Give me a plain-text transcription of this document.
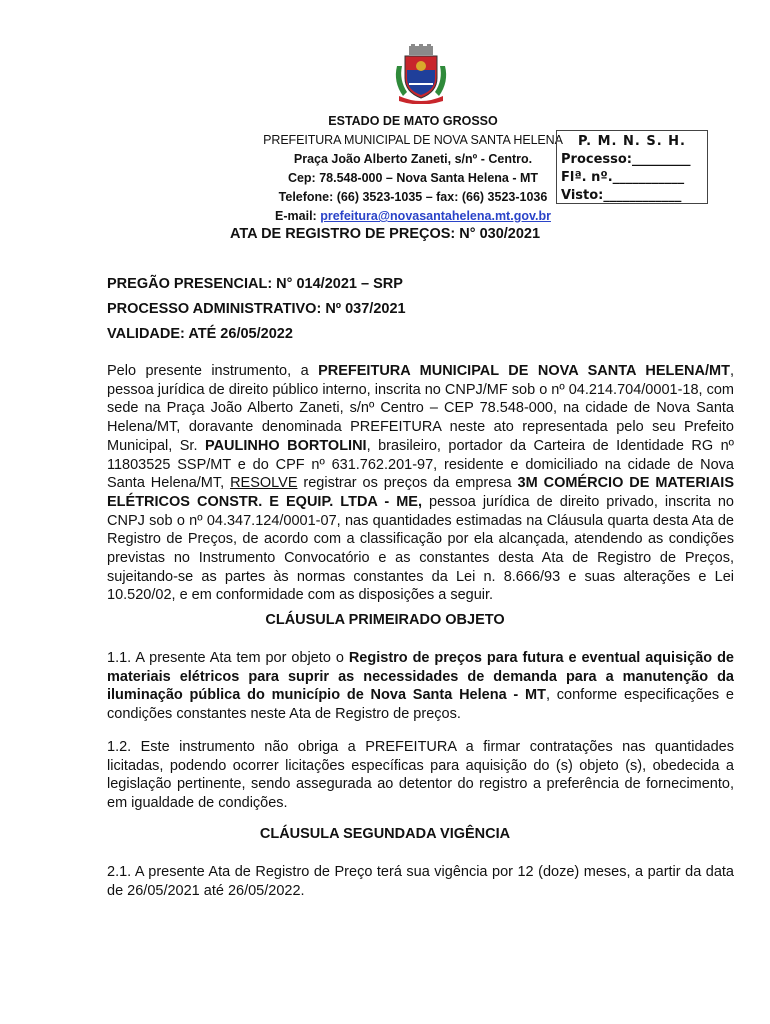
ESTADO DE MATO GROSSO
PREFEITURA MUNICIPAL DE NOVA SANTA HELENA
Praça João Alberto Zaneti, s/nº - Centro.
Cep: 78.548-000 – Nova Santa Helena - MT
Telefone: (66) 3523-1035 – fax: (66) 3523-1036
E-mail: prefeitura@novasantahelena.mt.gov.br
P. M. N. S. H.
Processo:_________
Flª. nº.___________
Visto:____________
ATA DE REGISTRO DE PREÇOS: N° 030/2021
PREGÃO PRESENCIAL: N° 014/2021 – SRP
PROCESSO ADMINISTRATIVO: Nº 037/2021
VALIDADE: ATÉ 26/05/2022
Pelo presente instrumento, a PREFEITURA MUNICIPAL DE NOVA SANTA HELENA/MT, pessoa jurídica de direito público interno, inscrita no CNPJ/MF sob o nº 04.214.704/0001-18, com sede na Praça João Alberto Zaneti, s/nº Centro – CEP 78.548-000, na cidade de Nova Santa Helena/MT, doravante denominada PREFEITURA neste ato representada pelo seu Prefeito Municipal, Sr. PAULINHO BORTOLINI, brasileiro, portador da Carteira de Identidade RG nº 11803525 SSP/MT e do CPF nº 631.762.201-97, residente e domiciliado na cidade de Nova Santa Helena/MT, RESOLVE registrar os preços da empresa 3M COMÉRCIO DE MATERIAIS ELÉTRICOS CONSTR. E EQUIP. LTDA - ME, pessoa jurídica de direito privado, inscrita no CNPJ sob o nº 04.347.124/0001-07, nas quantidades estimadas na Cláusula quarta desta Ata de Registro de Preços, de acordo com a classificação por ela alcançada, atendendo as condições previstas no Instrumento Convocatório e as constantes desta Ata de Registro de Preços, sujeitando-se as partes às normas constantes da Lei n. 8.666/93 e suas alterações e Lei 10.520/02, e em conformidade com as disposições a seguir.
CLÁUSULA PRIMEIRADO OBJETO
1.1. A presente Ata tem por objeto o Registro de preços para futura e eventual aquisição de materiais elétricos para suprir as necessidades de demanda para a manutenção da iluminação pública do município de Nova Santa Helena - MT, conforme especificações e condições constantes neste Ata de Registro de preços.
1.2. Este instrumento não obriga a PREFEITURA a firmar contratações nas quantidades licitadas, podendo ocorrer licitações específicas para aquisição do (s) objeto (s), obedecida a legislação pertinente, sendo assegurada ao detentor do registro a preferência de fornecimento, em igualdade de condições.
CLÁUSULA SEGUNDADA VIGÊNCIA
2.1. A presente Ata de Registro de Preço terá sua vigência por 12 (doze) meses, a partir da data de 26/05/2021 até 26/05/2022.
